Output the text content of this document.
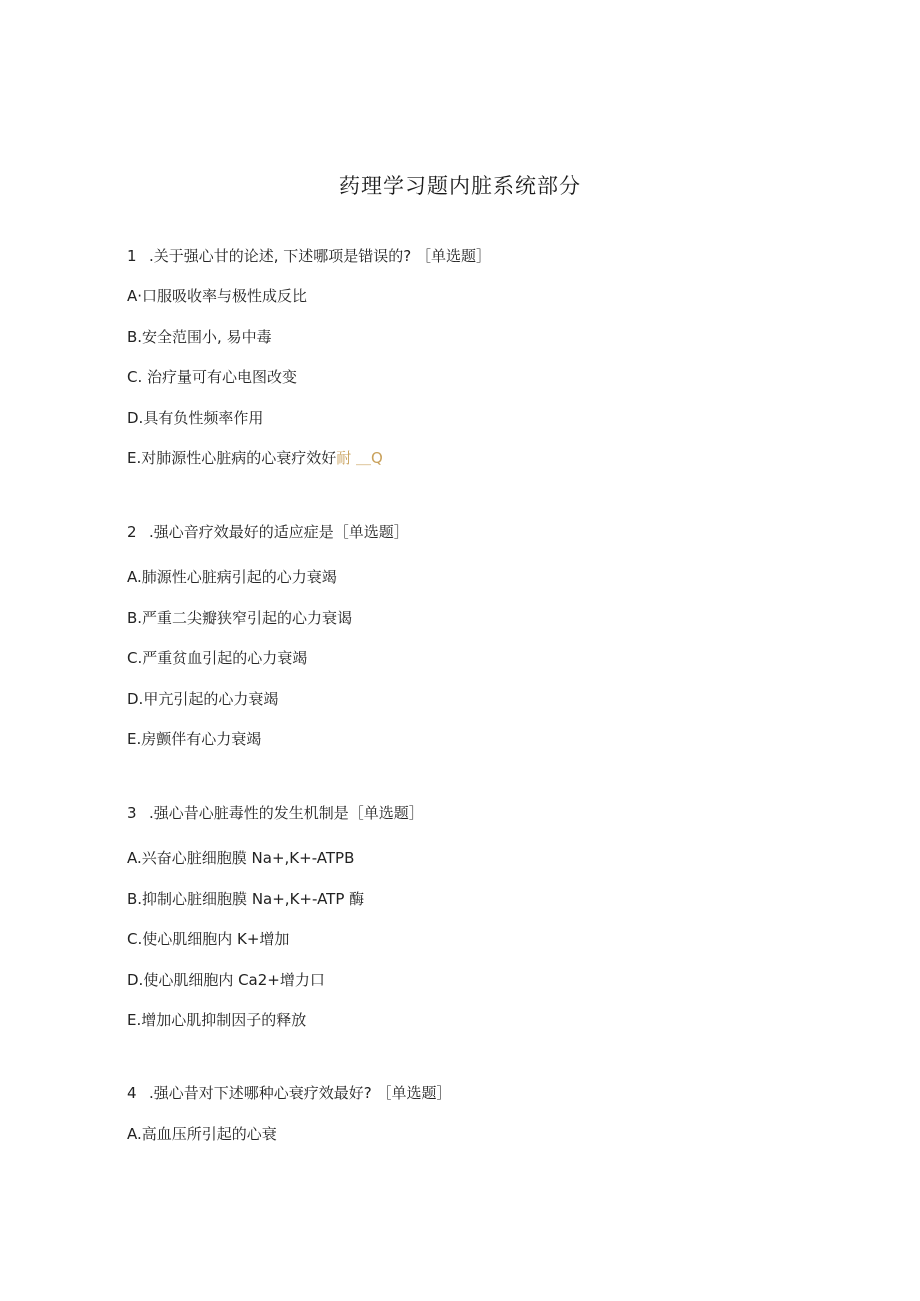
药理学习题内脏系统部分
1 .关于强心甘的论述, 下述哪项是错误的? ［单选题］
A·口服吸收率与极性成反比
B.安全范围小, 易中毒
C. 治疗量可有心电图改变
D.具有负性频率作用
E.对肺源性心脏病的心衰疗效好耐 ＿Q
2 .强心音疗效最好的适应症是［单选题］
A.肺源性心脏病引起的心力衰竭
B.严重二尖瓣狭窄引起的心力衰谒
C.严重贫血引起的心力衰竭
D.甲亢引起的心力衰竭
E.房颤伴有心力衰竭
3 .强心昔心脏毒性的发生机制是［单选题］
A.兴奋心脏细胞膜 Na+,K+-ATPB
B.抑制心脏细胞膜 Na+,K+-ATP 酶
C.使心肌细胞内 K+增加
D.使心肌细胞内 Ca2+增力口
E.增加心肌抑制因子的释放
4 .强心昔对下述哪种心衰疗效最好? ［单选题］
A.高血压所引起的心衰
